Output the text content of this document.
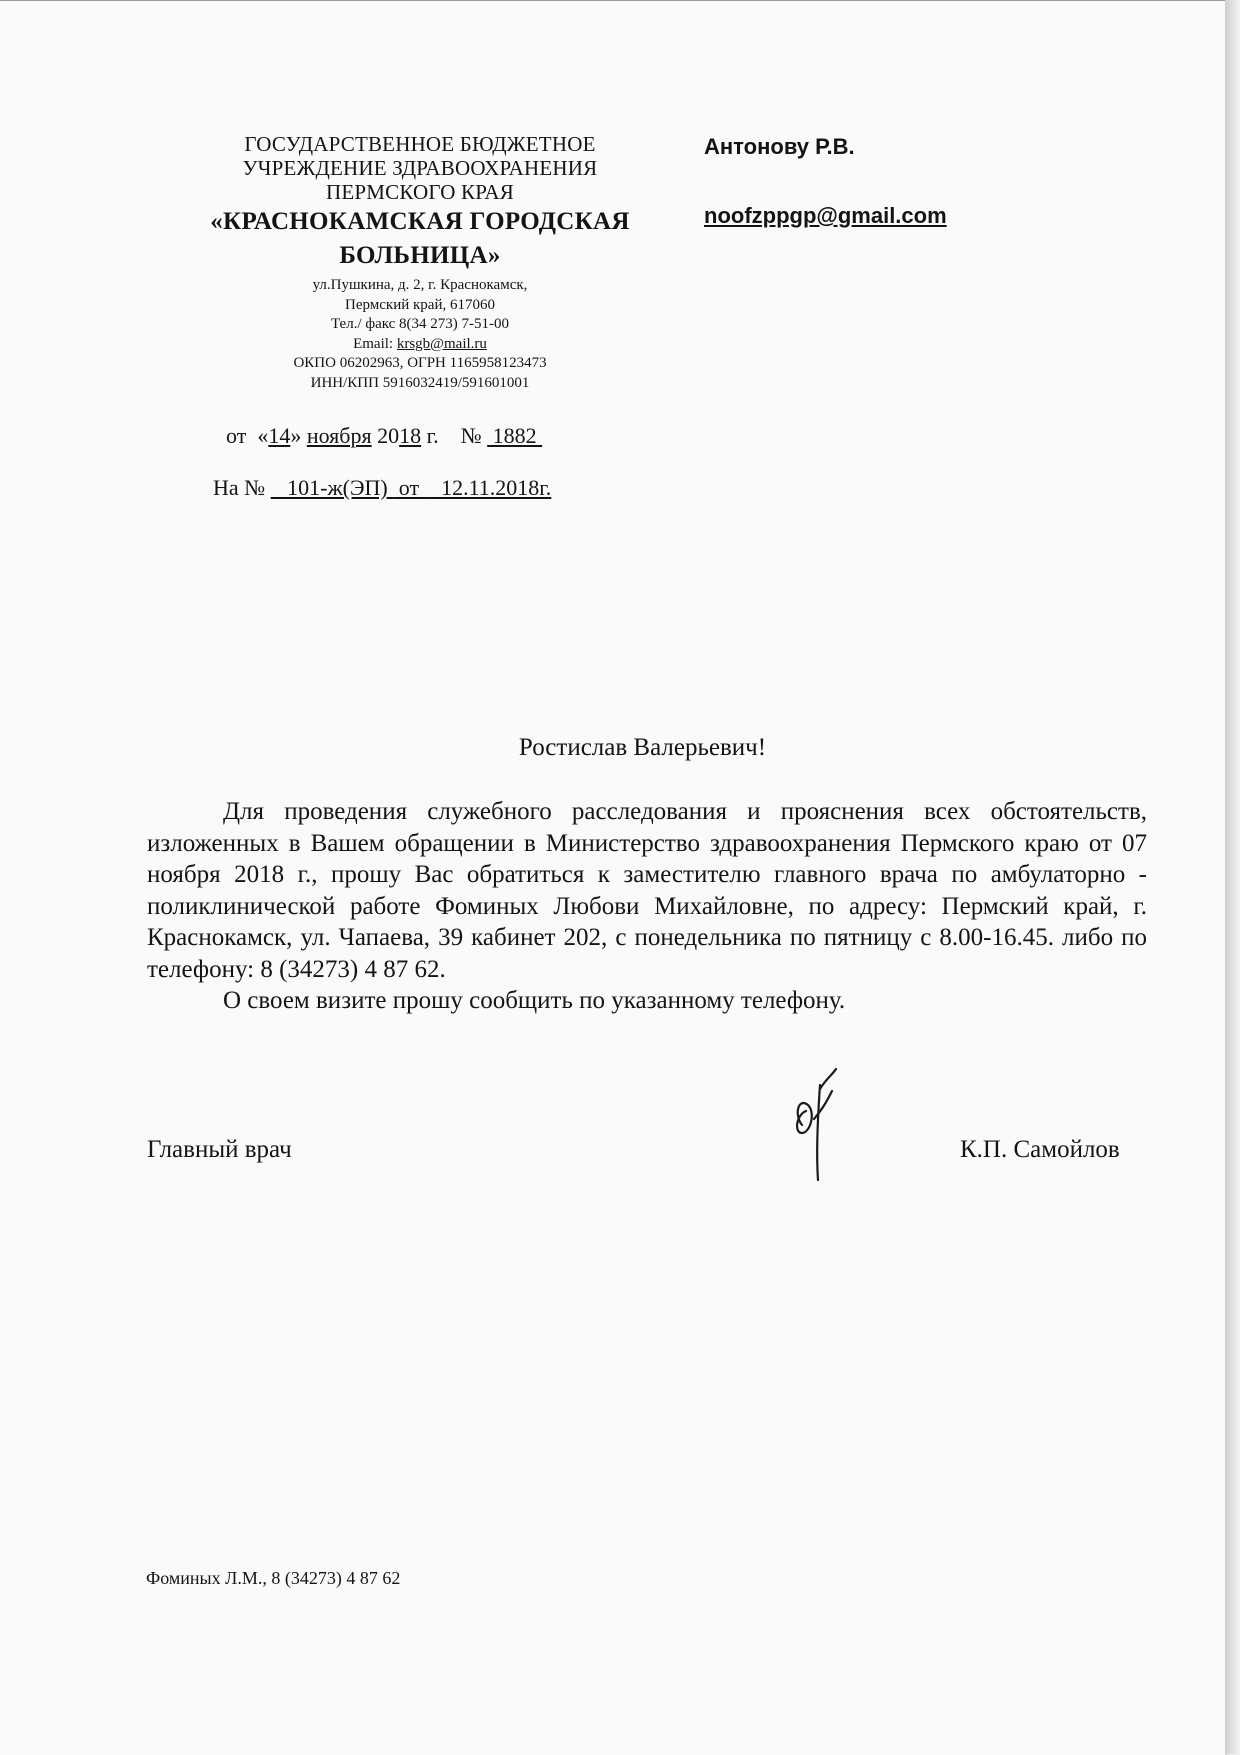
ГОСУДАРСТВЕННОЕ БЮДЖЕТНОЕ
УЧРЕЖДЕНИЕ ЗДРАВООХРАНЕНИЯ
ПЕРМСКОГО КРАЯ
«КРАСНОКАМСКАЯ ГОРОДСКАЯ
БОЛЬНИЦА»
ул.Пушкина, д. 2, г. Краснокамск,
Пермский край, 617060
Тел./ факс 8(34 273) 7-51-00
Email: krsgb@mail.ru
ОКПО 06202963, ОГРН 1165958123473
ИНН/КПП 5916032419/591601001
от  «14» ноября 2018 г.    №  1882
На №    101-ж(ЭП)  от    12.11.2018г.
Антонову Р.В.
noofzppgp@gmail.com
Ростислав Валерьевич!

Для проведения служебного расследования и прояснения всех обстоятельств, изложенных в Вашем обращении в Министерство здравоохранения Пермского краю от 07 ноября 2018 г., прошу Вас обратиться к заместителю главного врача по амбулаторно - поликлинической работе Фоминых Любови Михайловне, по адресу: Пермский край, г. Краснокамск, ул. Чапаева, 39 кабинет 202, с понедельника по пятницу с 8.00-16.45. либо по телефону: 8 (34273) 4 87 62.

О своем визите прошу сообщить по указанному телефону.

Главный врач	К.П. Самойлов
Фоминых Л.М., 8 (34273) 4 87 62
